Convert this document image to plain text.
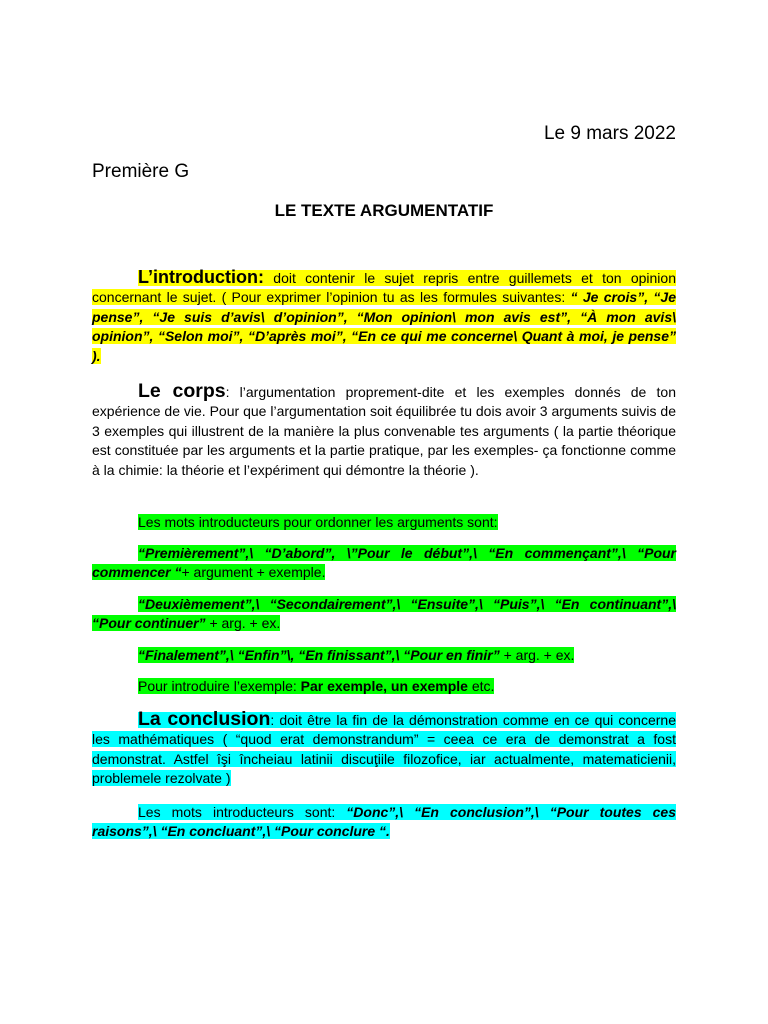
Le 9 mars 2022
Première G
LE TEXTE ARGUMENTATIF
L’introduction: doit contenir le sujet repris entre guillemets et ton opinion concernant le sujet. ( Pour exprimer l’opinion tu as les formules suivantes: “ Je crois”, “Je pense”, “Je suis d’avis\ d’opinion”, “Mon opinion\ mon avis est”, “À mon avis\ opinion”, “Selon moi”, “D’après moi”, “En ce qui me concerne\ Quant à moi, je pense” ).
Le corps: l’argumentation proprement-dite et les exemples donnés de ton expérience de vie. Pour que l’argumentation soit équilibrée tu dois avoir 3 arguments suivis de 3 exemples qui illustrent de la manière la plus convenable tes arguments ( la partie théorique est constituée par les arguments et la partie pratique, par les exemples- ça fonctionne comme à la chimie: la théorie et l’expériment qui démontre la théorie ).
Les mots introducteurs pour ordonner les arguments sont:
“Premièrement”,\ “D’abord”, \”Pour le début”,\ “En commençant”,\ “Pour commencer “+ argument + exemple.
“Deuxièmement”,\ “Secondairement”,\ “Ensuite”,\ “Puis”,\ “En continuant”,\ “Pour continuer” + arg. + ex.
“Finalement”,\ “Enfin”\, “En finissant”,\ “Pour en finir” + arg. + ex.
Pour introduire l’exemple: Par exemple, un exemple etc.
La conclusion: doit être la fin de la démonstration comme en ce qui concerne les mathématiques ( “quod erat demonstrandum” = ceea ce era de demonstrat a fost demonstrat. Astfel îşi încheiau latinii discuţiile filozofice, iar actualmente, matematicienii, problemele rezolvate )
Les mots introducteurs sont: “Donc”,\ “En conclusion”,\ “Pour toutes ces raisons”,\ “En concluant”,\ “Pour conclure “.
